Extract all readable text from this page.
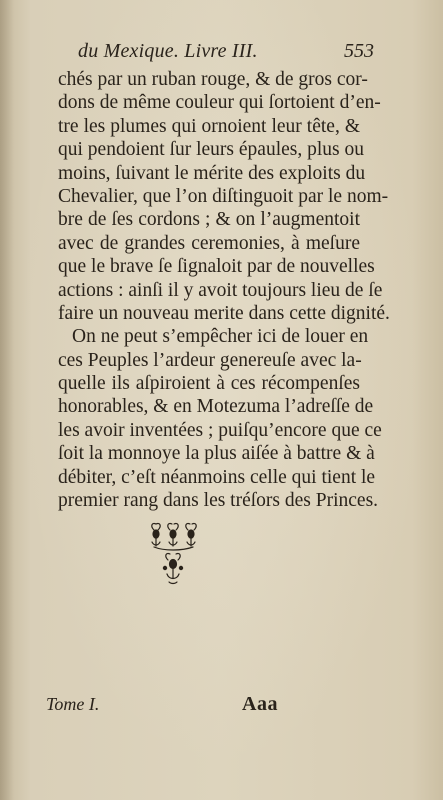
du Mexique. Livre III.	553
chés par un ruban rouge, & de gros cor-
dons de même couleur qui ſortoient d’en-
tre les plumes qui ornoient leur tête, &
qui pendoient ſur leurs épaules, plus ou
moins, ſuivant le mérite des exploits du
Chevalier, que l’on diſtinguoit par le nom-
bre de ſes cordons ; & on l’augmentoit
avec de grandes ceremonies, à meſure
que le brave ſe ſignaloit par de nouvelles
actions : ainſi il y avoit toujours lieu de ſe
faire un nouveau merite dans cette dignité.
On ne peut s’empêcher ici de louer en
ces Peuples l’ardeur genereuſe avec la-
quelle ils aſpiroient à ces récompenſes
honorables, & en Motezuma l’adreſſe de
les avoir inventées ; puiſqu’encore que ce
ſoit la monnoye la plus aiſée à battre & à
débiter, c’eſt néanmoins celle qui tient le
premier rang dans les tréſors des Princes.
Tome I.	Aaa
